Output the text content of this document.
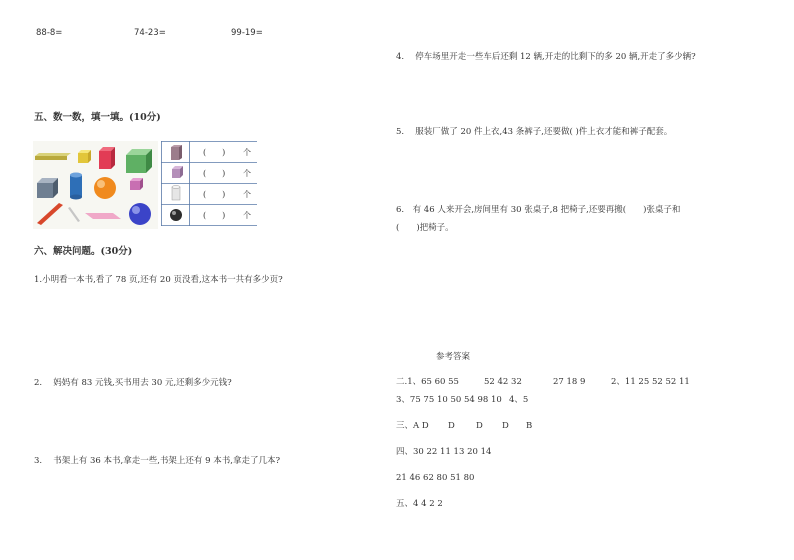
88-8=	74-23=	99-19=
五、数一数，填一填。(10分)
(　　) 个
(　　) 个
(　　) 个
(　　) 个
六、解决问题。(30分)
1.小明看一本书,看了 78 页,还有 20 页没看,这本书一共有多少页?
2.　 妈妈有 83 元钱,买书用去 30 元,还剩多少元钱?
3.　 书架上有 36 本书,拿走一些,书架上还有 9 本书,拿走了几本?
4.　 停车场里开走一些车后还剩 12 辆,开走的比剩下的多 20 辆,开走了多少辆?
5.　 服装厂做了 20 件上衣,43 条裤子,还要做( )件上衣才能和裤子配套。
6.　有 46 人来开会,房间里有 30 张桌子,8 把椅子,还要再搬(　　)张桌子和
(　　)把椅子。
参考答案
二.1、65 60 55	52 42 32	27 18 9	2、11 25 52 52 11
3、75 75 10 50 54 98 10 4、5
三、A D D D D B
四、30 22 11 13 20 14
21 46 62 80 51 80
五、4 4 2 2
